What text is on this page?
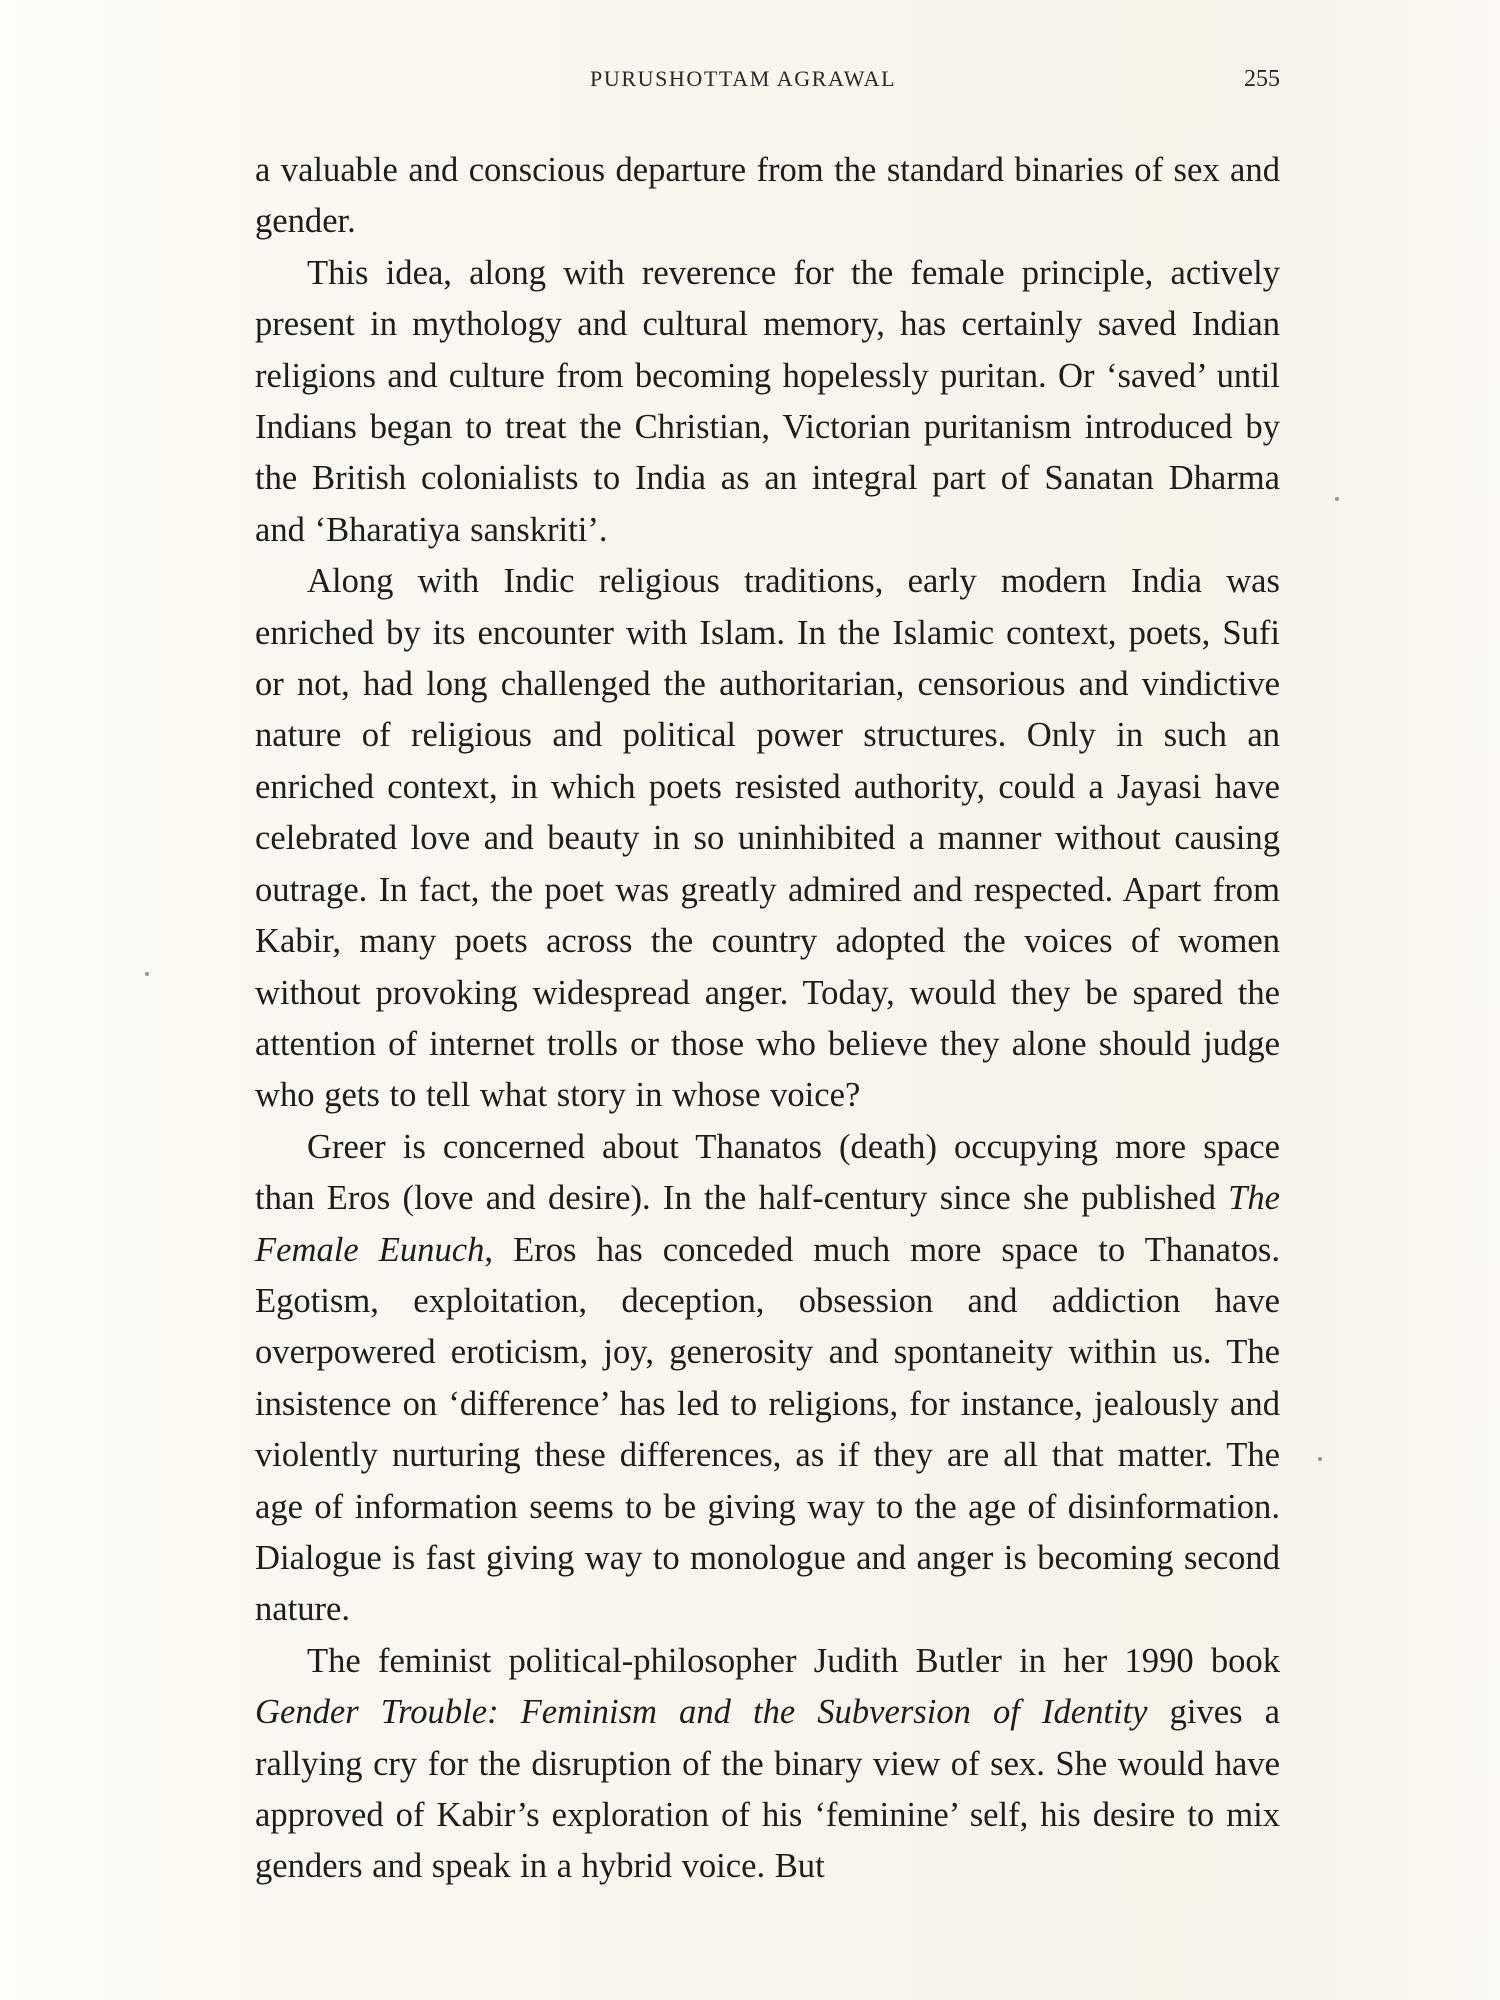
PURUSHOTTAM AGRAWAL	255

a valuable and conscious departure from the standard binaries of sex and gender.

This idea, along with reverence for the female principle, actively present in mythology and cultural memory, has certainly saved Indian religions and culture from becoming hopelessly puritan. Or ‘saved’ until Indians began to treat the Christian, Victorian puritanism introduced by the British colonialists to India as an integral part of Sanatan Dharma and ‘Bharatiya sanskriti’.

Along with Indic religious traditions, early modern India was enriched by its encounter with Islam. In the Islamic context, poets, Sufi or not, had long challenged the authoritarian, censorious and vindictive nature of religious and political power structures. Only in such an enriched context, in which poets resisted authority, could a Jayasi have celebrated love and beauty in so uninhibited a manner without causing outrage. In fact, the poet was greatly admired and respected. Apart from Kabir, many poets across the country adopted the voices of women without provoking widespread anger. Today, would they be spared the attention of internet trolls or those who believe they alone should judge who gets to tell what story in whose voice?

Greer is concerned about Thanatos (death) occupying more space than Eros (love and desire). In the half-century since she published The Female Eunuch, Eros has conceded much more space to Thanatos. Egotism, exploitation, deception, obsession and addiction have overpowered eroticism, joy, generosity and spontaneity within us. The insistence on ‘difference’ has led to religions, for instance, jealously and violently nurturing these differences, as if they are all that matter. The age of information seems to be giving way to the age of disinformation. Dialogue is fast giving way to monologue and anger is becoming second nature.

The feminist political-philosopher Judith Butler in her 1990 book Gender Trouble: Feminism and the Subversion of Identity gives a rallying cry for the disruption of the binary view of sex. She would have approved of Kabir’s exploration of his ‘feminine’ self, his desire to mix genders and speak in a hybrid voice. But
